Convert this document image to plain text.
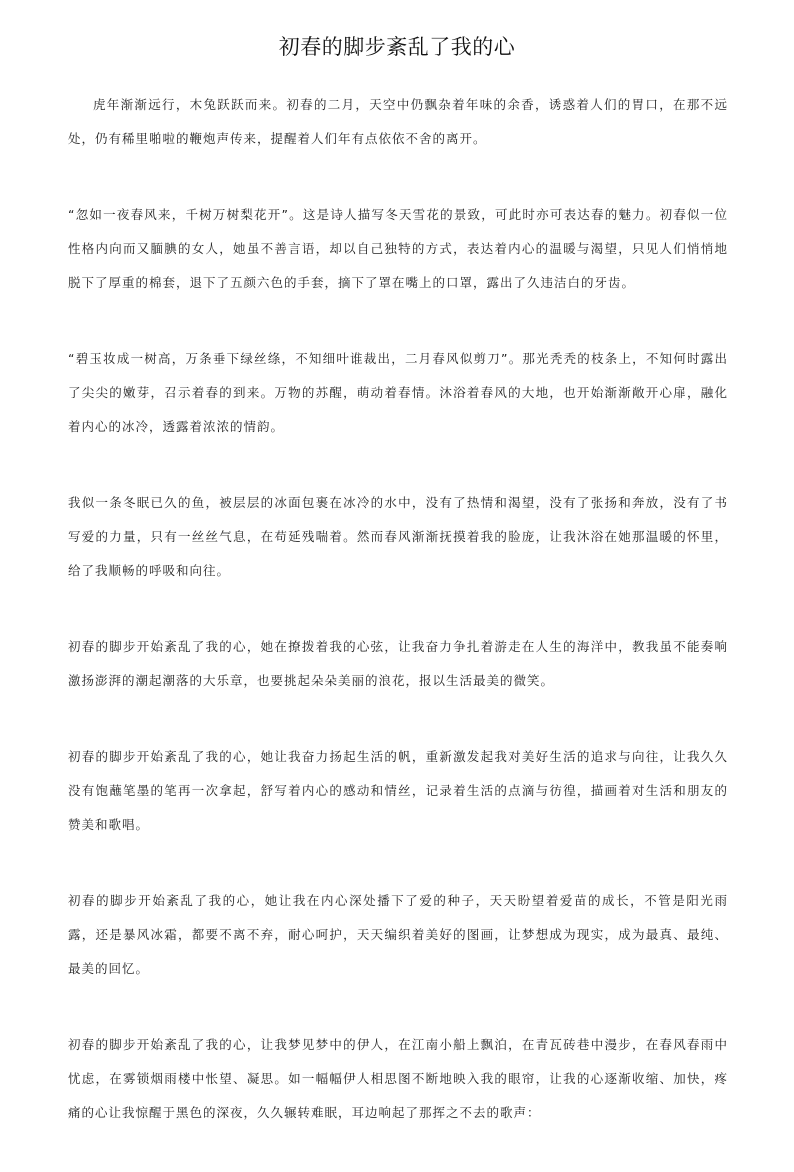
初春的脚步紊乱了我的心

虎年渐渐远行，木兔跃跃而来。初春的二月，天空中仍飘杂着年味的余香，诱惑着人们的胃口，在那不远处，仍有稀里啪啦的鞭炮声传来，提醒着人们年有点依依不舍的离开。

“忽如一夜春风来，千树万树梨花开”。这是诗人描写冬天雪花的景致，可此时亦可表达春的魅力。初春似一位性格内向而又腼腆的女人，她虽不善言语，却以自己独特的方式，表达着内心的温暖与渴望，只见人们悄悄地脱下了厚重的棉套，退下了五颜六色的手套，摘下了罩在嘴上的口罩，露出了久违洁白的牙齿。

“碧玉妆成一树高，万条垂下绿丝绦，不知细叶谁裁出，二月春风似剪刀”。那光秃秃的枝条上，不知何时露出了尖尖的嫩芽，召示着春的到来。万物的苏醒，萌动着春情。沐浴着春风的大地，也开始渐渐敞开心扉，融化着内心的冰冷，透露着浓浓的情韵。

我似一条冬眠已久的鱼，被层层的冰面包裹在冰冷的水中，没有了热情和渴望，没有了张扬和奔放，没有了书写爱的力量，只有一丝丝气息，在苟延残喘着。然而春风渐渐抚摸着我的脸庞，让我沐浴在她那温暖的怀里，给了我顺畅的呼吸和向往。

初春的脚步开始紊乱了我的心，她在撩拨着我的心弦，让我奋力争扎着游走在人生的海洋中，教我虽不能奏响激扬澎湃的潮起潮落的大乐章，也要挑起朵朵美丽的浪花，报以生活最美的微笑。

初春的脚步开始紊乱了我的心，她让我奋力扬起生活的帆，重新激发起我对美好生活的追求与向往，让我久久没有饱蘸笔墨的笔再一次拿起，舒写着内心的感动和情丝，记录着生活的点滴与彷徨，描画着对生活和朋友的赞美和歌唱。

初春的脚步开始紊乱了我的心，她让我在内心深处播下了爱的种子，天天盼望着爱苗的成长，不管是阳光雨露，还是暴风冰霜，都要不离不弃，耐心呵护，天天编织着美好的图画，让梦想成为现实，成为最真、最纯、最美的回忆。

初春的脚步开始紊乱了我的心，让我梦见梦中的伊人，在江南小船上飘泊，在青瓦砖巷中漫步，在春风春雨中忧虑，在雾锁烟雨楼中怅望、凝思。如一幅幅伊人相思图不断地映入我的眼帘，让我的心逐渐收缩、加快，疼痛的心让我惊醒于黑色的深夜，久久辗转难眠，耳边响起了那挥之不去的歌声：
